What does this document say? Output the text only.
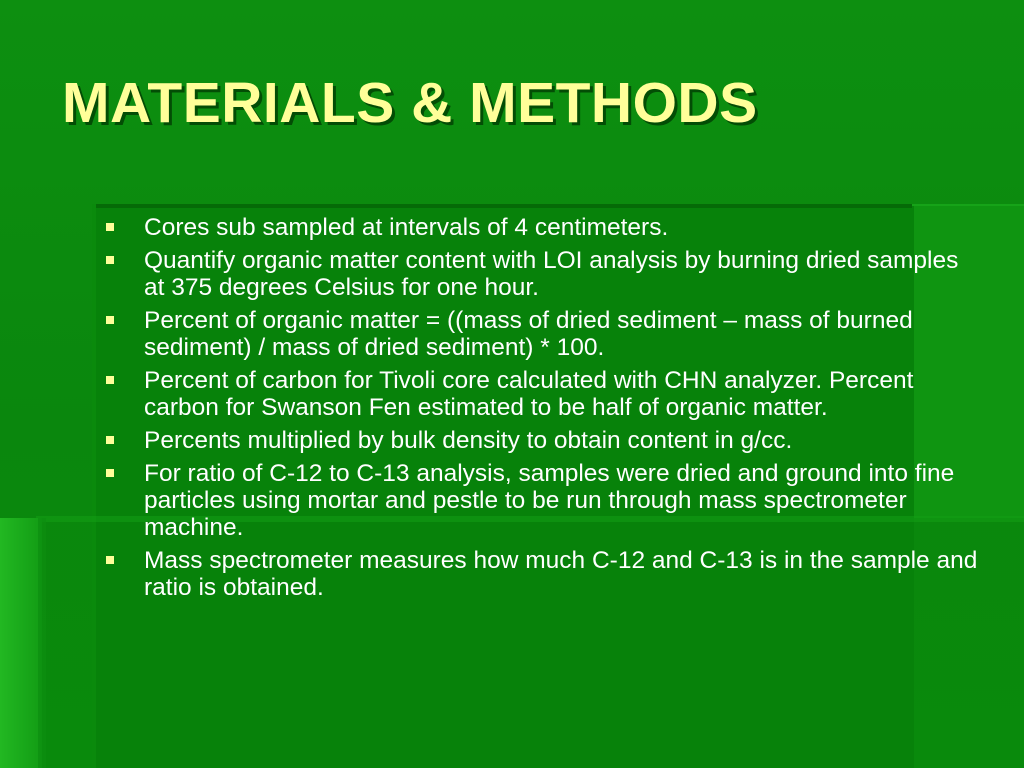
MATERIALS & METHODS
Cores sub sampled at intervals of 4 centimeters.
Quantify organic matter content with LOI analysis by burning dried samples at 375 degrees Celsius for one hour.
Percent of organic matter = ((mass of dried sediment – mass of burned sediment) / mass of dried sediment) * 100.
Percent of carbon for Tivoli core calculated with CHN analyzer. Percent carbon for Swanson Fen estimated to be half of organic matter.
Percents multiplied by bulk density to obtain content in g/cc.
For ratio of C-12 to C-13 analysis, samples were dried and ground into fine particles using mortar and pestle to be run through mass spectrometer machine.
Mass spectrometer measures how much C-12 and C-13 is in the sample and ratio is obtained.
